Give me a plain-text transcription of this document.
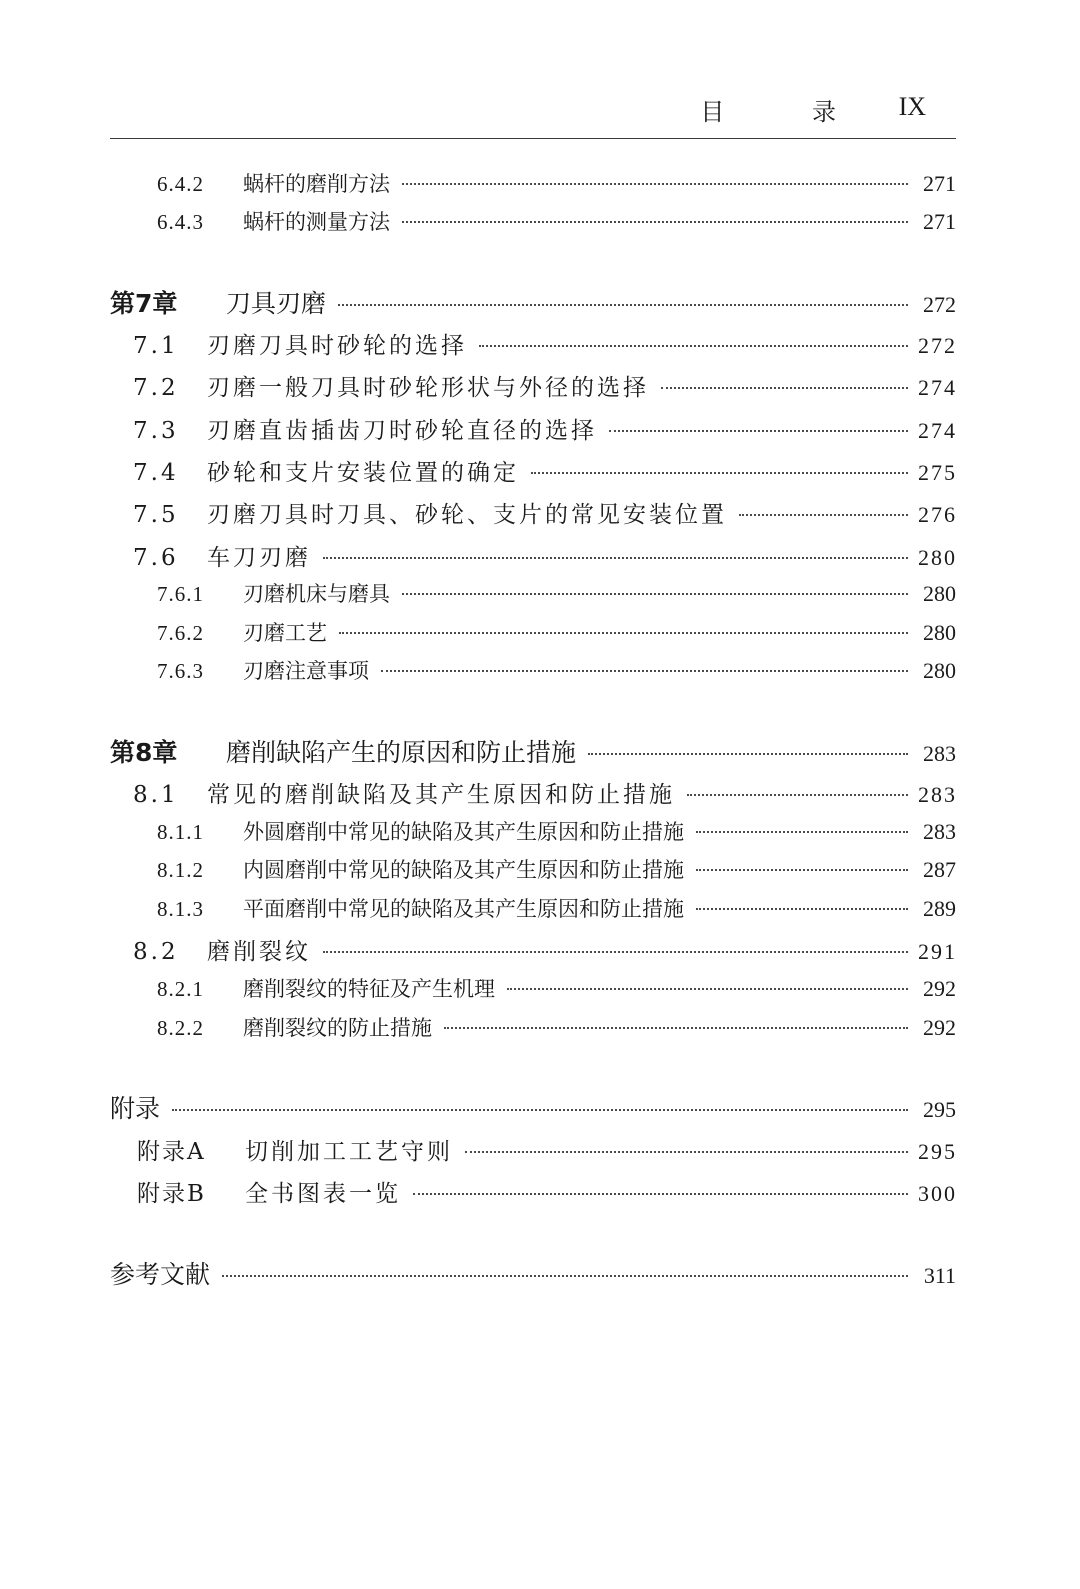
目 录 IX
6.4.2	蜗杆的磨削方法	271
6.4.3	蜗杆的测量方法	271
第7章	刀具刃磨	272
7.1	刃磨刀具时砂轮的选择	272
7.2	刃磨一般刀具时砂轮形状与外径的选择	274
7.3	刃磨直齿插齿刀时砂轮直径的选择	274
7.4	砂轮和支片安装位置的确定	275
7.5	刃磨刀具时刀具、砂轮、支片的常见安装位置	276
7.6	车刀刃磨	280
7.6.1	刃磨机床与磨具	280
7.6.2	刃磨工艺	280
7.6.3	刃磨注意事项	280
第8章	磨削缺陷产生的原因和防止措施	283
8.1	常见的磨削缺陷及其产生原因和防止措施	283
8.1.1	外圆磨削中常见的缺陷及其产生原因和防止措施	283
8.1.2	内圆磨削中常见的缺陷及其产生原因和防止措施	287
8.1.3	平面磨削中常见的缺陷及其产生原因和防止措施	289
8.2	磨削裂纹	291
8.2.1	磨削裂纹的特征及产生机理	292
8.2.2	磨削裂纹的防止措施	292
附录	295
附录A	切削加工工艺守则	295
附录B	全书图表一览	300
参考文献	311
